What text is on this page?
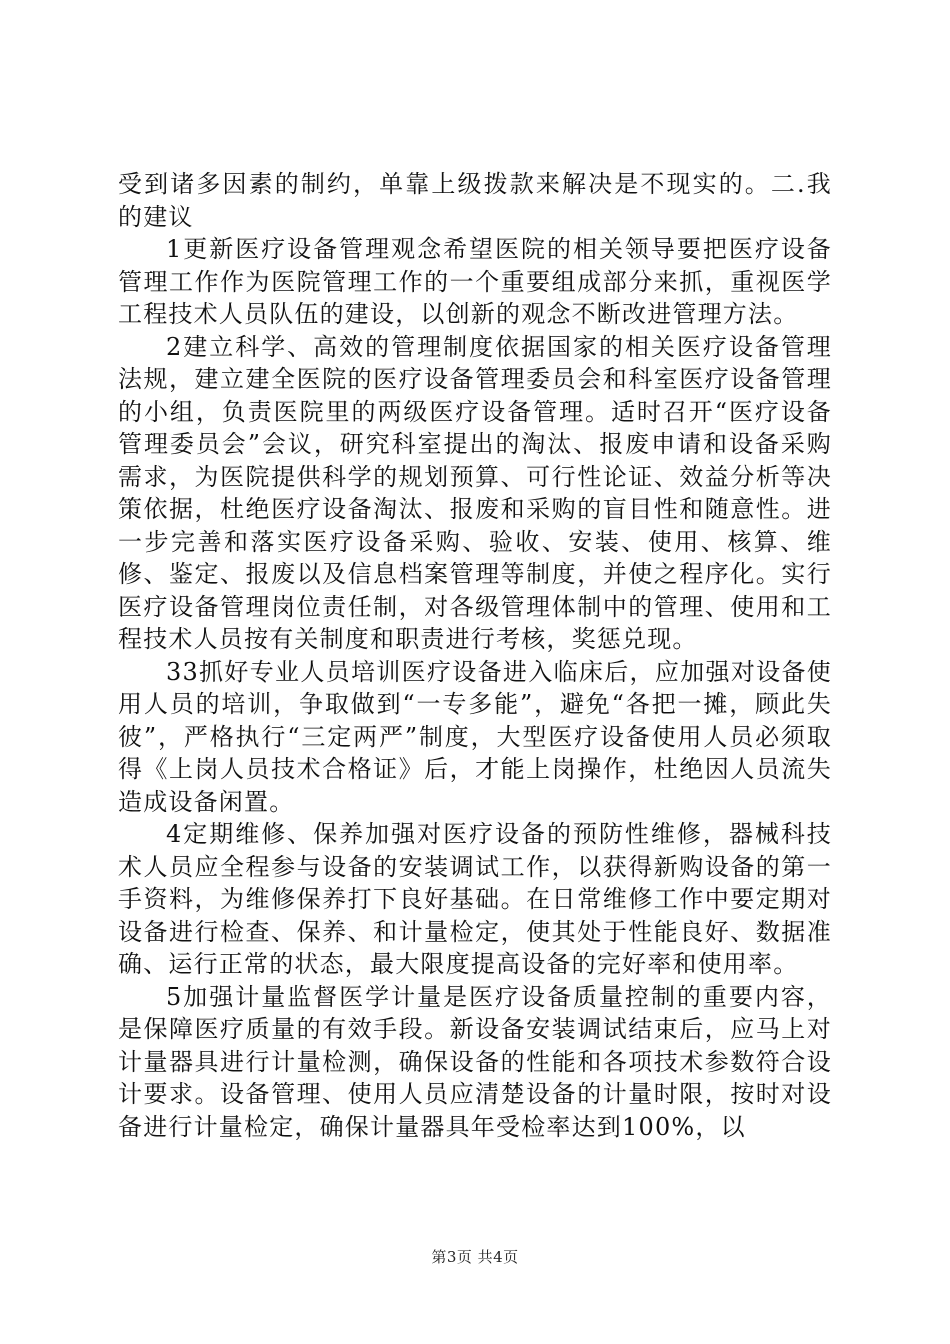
受到诸多因素的制约，单靠上级拨款来解决是不现实的。二.我的建议

1更新医疗设备管理观念希望医院的相关领导要把医疗设备管理工作作为医院管理工作的一个重要组成部分来抓，重视医学工程技术人员队伍的建设，以创新的观念不断改进管理方法。

2建立科学、高效的管理制度依据国家的相关医疗设备管理法规，建立建全医院的医疗设备管理委员会和科室医疗设备管理的小组，负责医院里的两级医疗设备管理。适时召开“医疗设备管理委员会”会议，研究科室提出的淘汰、报废申请和设备采购需求，为医院提供科学的规划预算、可行性论证、效益分析等决策依据，杜绝医疗设备淘汰、报废和采购的盲目性和随意性。进一步完善和落实医疗设备采购、验收、安装、使用、核算、维修、鉴定、报废以及信息档案管理等制度，并使之程序化。实行医疗设备管理岗位责任制，对各级管理体制中的管理、使用和工程技术人员按有关制度和职责进行考核，奖惩兑现。

33抓好专业人员培训医疗设备进入临床后，应加强对设备使用人员的培训，争取做到“一专多能”，避免“各把一摊，顾此失彼”，严格执行“三定两严”制度，大型医疗设备使用人员必须取得《上岗人员技术合格证》后，才能上岗操作，杜绝因人员流失造成设备闲置。

4定期维修、保养加强对医疗设备的预防性维修，器械科技术人员应全程参与设备的安装调试工作，以获得新购设备的第一手资料，为维修保养打下良好基础。在日常维修工作中要定期对设备进行检查、保养、和计量检定，使其处于性能良好、数据准确、运行正常的状态，最大限度提高设备的完好率和使用率。

5加强计量监督医学计量是医疗设备质量控制的重要内容，是保障医疗质量的有效手段。新设备安装调试结束后，应马上对计量器具进行计量检测，确保设备的性能和各项技术参数符合设计要求。设备管理、使用人员应清楚设备的计量时限，按时对设备进行计量检定，确保计量器具年受检率达到100%，以

第3页 共4页
